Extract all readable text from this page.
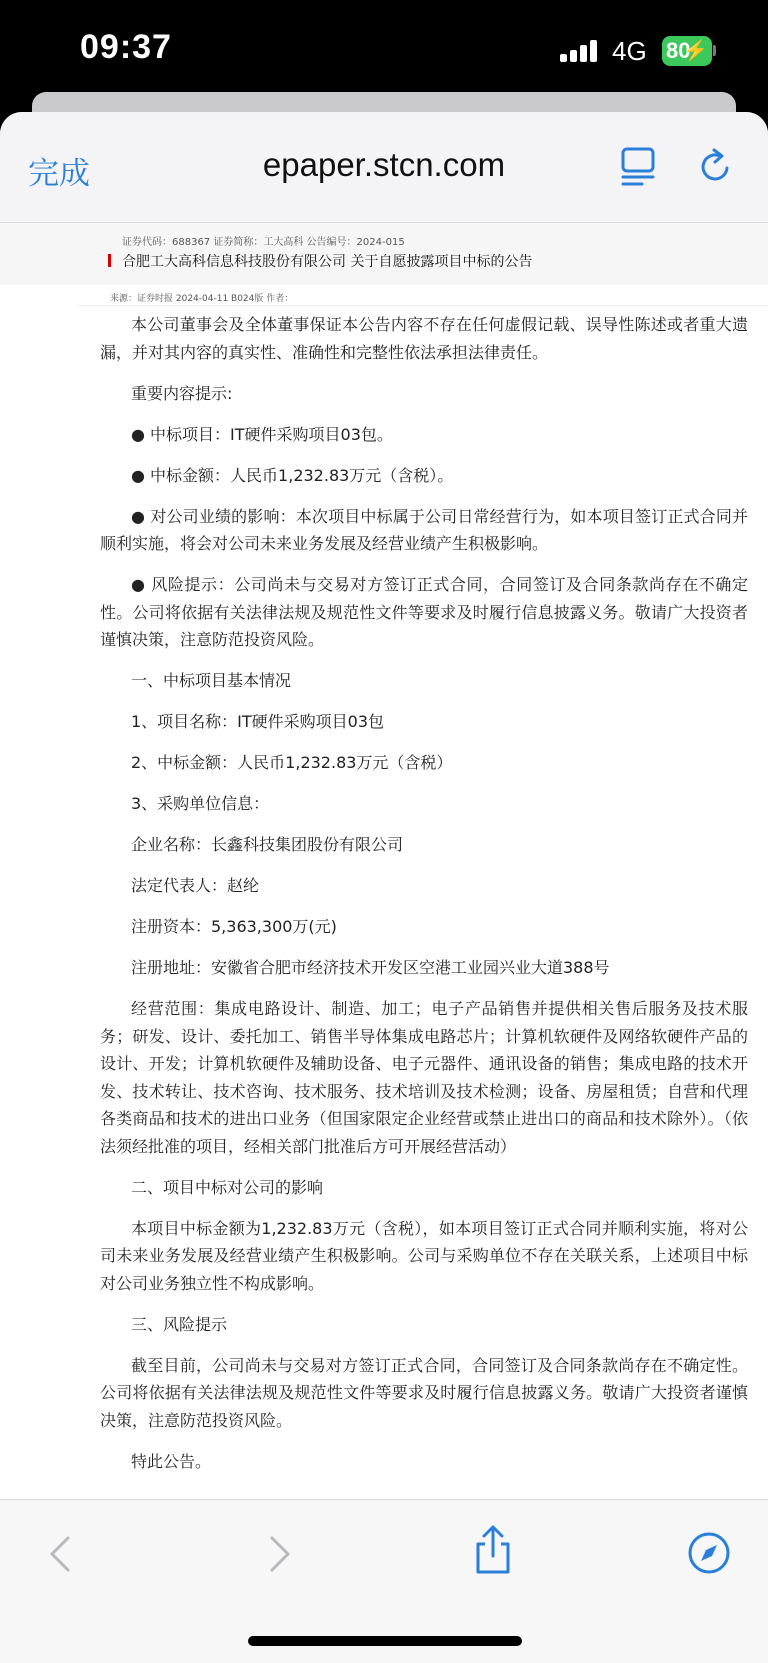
09:37	4G 80
⚡
完成	epaper.stcn.com
证券代码：688367 证券简称：工大高科 公告编号：2024-015
合肥工大高科信息科技股份有限公司 关于自愿披露项目中标的公告
来源：证券时报 2024-04-11 B024版 作者：

本公司董事会及全体董事保证本公告内容不存在任何虚假记载、误导性陈述或者重大遗漏，并对其内容的真实性、准确性和完整性依法承担法律责任。

重要内容提示:

● 中标项目：IT硬件采购项目03包。

● 中标金额：人民币1,232.83万元（含税）。

● 对公司业绩的影响：本次项目中标属于公司日常经营行为，如本项目签订正式合同并顺利实施，将会对公司未来业务发展及经营业绩产生积极影响。

● 风险提示：公司尚未与交易对方签订正式合同，合同签订及合同条款尚存在不确定性。公司将依据有关法律法规及规范性文件等要求及时履行信息披露义务。敬请广大投资者谨慎决策，注意防范投资风险。

一、中标项目基本情况

1、项目名称：IT硬件采购项目03包

2、中标金额：人民币1,232.83万元（含税）

3、采购单位信息：

企业名称：长鑫科技集团股份有限公司

法定代表人：赵纶

注册资本：5,363,300万(元)

注册地址：安徽省合肥市经济技术开发区空港工业园兴业大道388号

经营范围：集成电路设计、制造、加工；电子产品销售并提供相关售后服务及技术服务；研发、设计、委托加工、销售半导体集成电路芯片；计算机软硬件及网络软硬件产品的设计、开发；计算机软硬件及辅助设备、电子元器件、通讯设备的销售；集成电路的技术开发、技术转让、技术咨询、技术服务、技术培训及技术检测；设备、房屋租赁；自营和代理各类商品和技术的进出口业务（但国家限定企业经营或禁止进出口的商品和技术除外）。（依法须经批准的项目，经相关部门批准后方可开展经营活动）

二、项目中标对公司的影响

本项目中标金额为1,232.83万元（含税），如本项目签订正式合同并顺利实施，将对公司未来业务发展及经营业绩产生积极影响。公司与采购单位不存在关联关系，上述项目中标对公司业务独立性不构成影响。

三、风险提示

截至目前，公司尚未与交易对方签订正式合同，合同签订及合同条款尚存在不确定性。公司将依据有关法律法规及规范性文件等要求及时履行信息披露义务。敬请广大投资者谨慎决策，注意防范投资风险。

特此公告。
